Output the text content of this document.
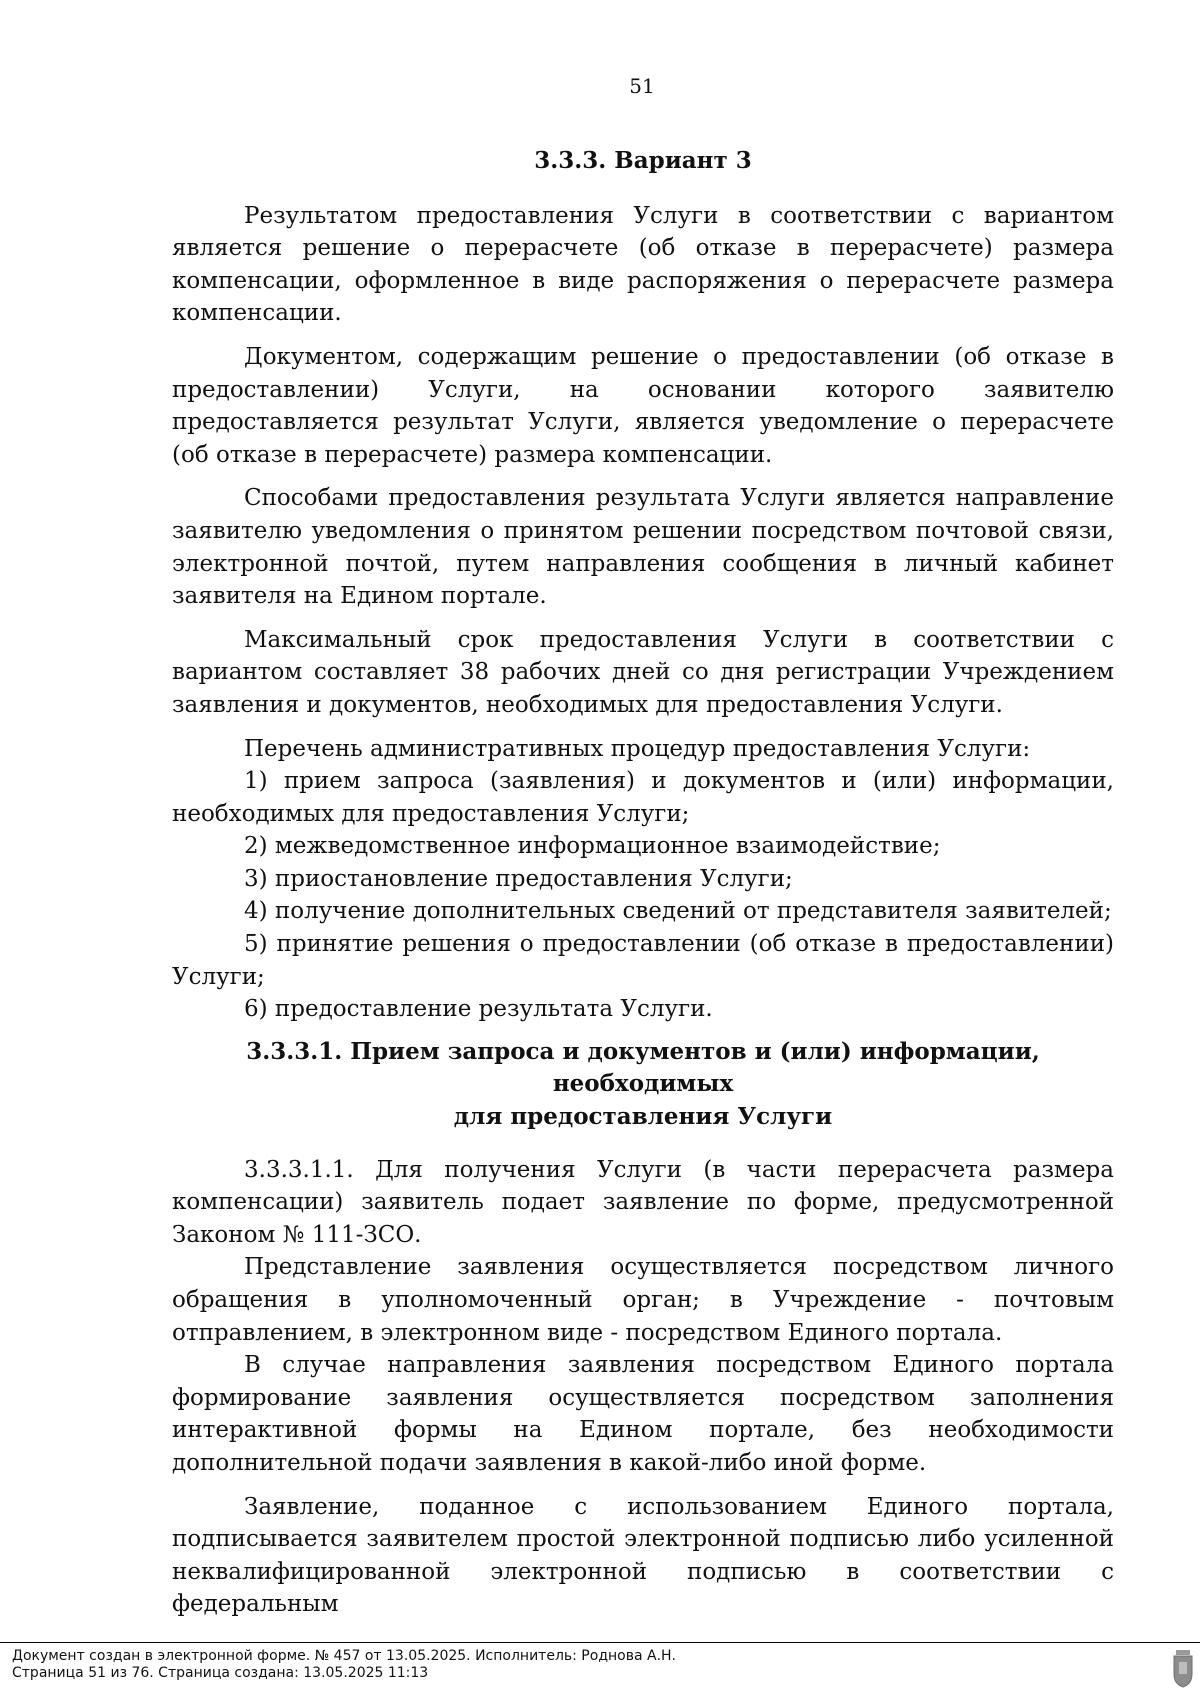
51
3.3.3. Вариант 3

Результатом предоставления Услуги в соответствии с вариантом является решение о перерасчете (об отказе в перерасчете) размера компенсации, оформленное в виде распоряжения о перерасчете размера компенсации.

Документом, содержащим решение о предоставлении (об отказе в предоставлении) Услуги, на основании которого заявителю предоставляется результат Услуги, является уведомление о перерасчете (об отказе в перерасчете) размера компенсации.

Способами предоставления результата Услуги является направление заявителю уведомления о принятом решении посредством почтовой связи, электронной почтой, путем направления сообщения в личный кабинет заявителя на Едином портале.

Максимальный срок предоставления Услуги в соответствии с вариантом составляет 38 рабочих дней со дня регистрации Учреждением заявления и документов, необходимых для предоставления Услуги.

Перечень административных процедур предоставления Услуги:

1) прием запроса (заявления) и документов и (или) информации, необходимых для предоставления Услуги;

2) межведомственное информационное взаимодействие;

3) приостановление предоставления Услуги;

4) получение дополнительных сведений от представителя заявителей;

5) принятие решения о предоставлении (об отказе в предоставлении) Услуги;

6) предоставление результата Услуги.

3.3.3.1. Прием запроса и документов и (или) информации, необходимых
для предоставления Услуги

3.3.3.1.1. Для получения Услуги (в части перерасчета размера компенсации) заявитель подает заявление по форме, предусмотренной Законом № 111-ЗСО.

Представление заявления осуществляется посредством личного обращения в уполномоченный орган; в Учреждение - почтовым отправлением, в электронном виде - посредством Единого портала.

В случае направления заявления посредством Единого портала формирование заявления осуществляется посредством заполнения интерактивной формы на Едином портале, без необходимости дополнительной подачи заявления в какой-либо иной форме.

Заявление, поданное с использованием Единого портала, подписывается заявителем простой электронной подписью либо усиленной неквалифицированной электронной подписью в соответствии с федеральным

Документ создан в электронной форме. № 457 от 13.05.2025. Исполнитель: Роднова А.Н.
Страница 51 из 76. Страница создана: 13.05.2025 11:13
